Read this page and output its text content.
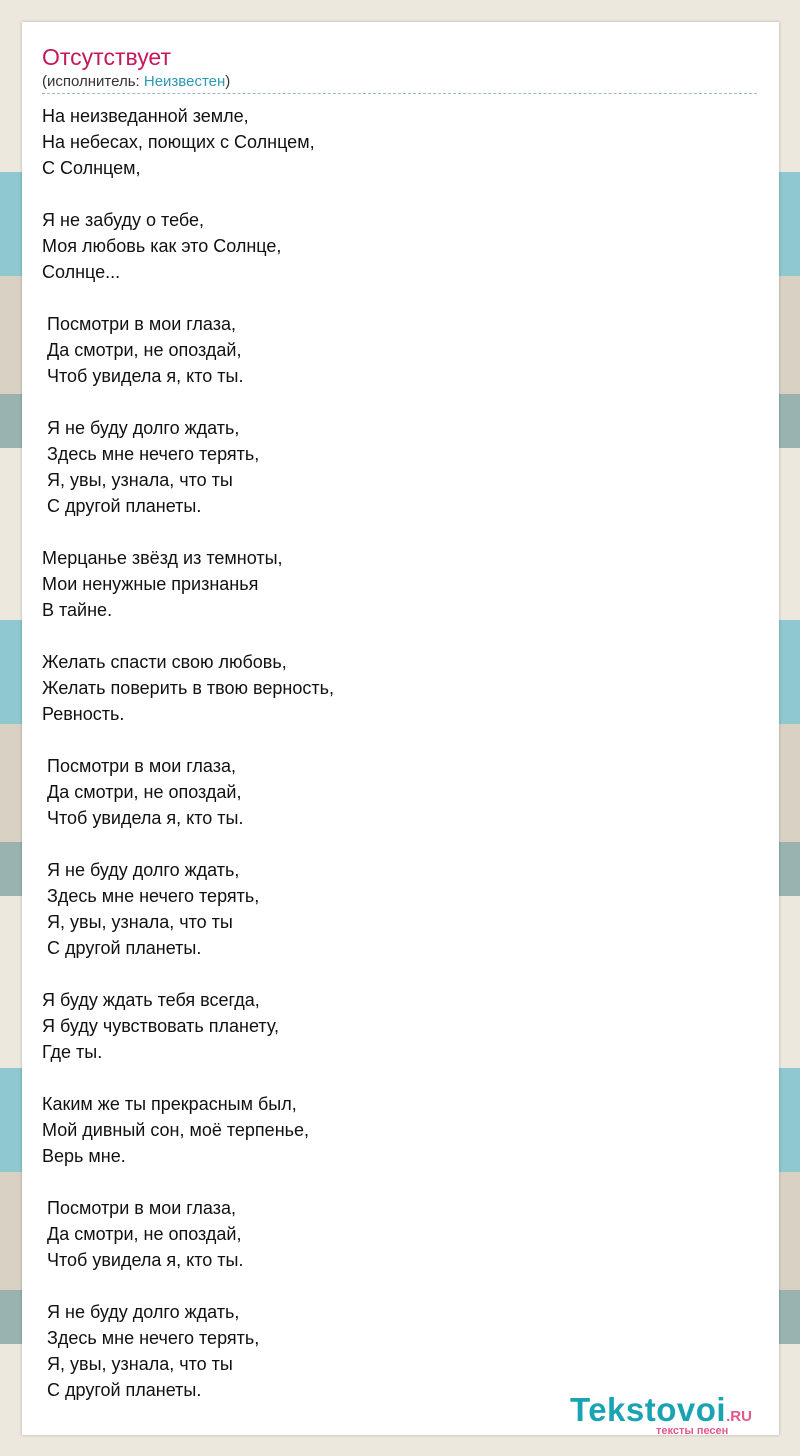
Отсутствует
(исполнитель: Неизвестен)
На неизведанной земле,
На небесах, поющих с Солнцем,
С Солнцем,

Я не забуду о тебе,
Моя любовь как это Солнце,
Солнце...

Посмотри в мои глаза,
Да смотри, не опоздай,
Чтоб увидела я, кто ты.

Я не буду долго ждать,
Здесь мне нечего терять,
Я, увы, узнала, что ты
С другой планеты.

Мерцанье звёзд из темноты,
Мои ненужные признанья
В тайне.

Желать спасти свою любовь,
Желать поверить в твою верность,
Ревность.

Посмотри в мои глаза,
Да смотри, не опоздай,
Чтоб увидела я, кто ты.

Я не буду долго ждать,
Здесь мне нечего терять,
Я, увы, узнала, что ты
С другой планеты.

Я буду ждать тебя всегда,
Я буду чувствовать планету,
Где ты.

Каким же ты прекрасным был,
Мой дивный сон, моё терпенье,
Верь мне.

Посмотри в мои глаза,
Да смотри, не опоздай,
Чтоб увидела я, кто ты.

Я не буду долго ждать,
Здесь мне нечего терять,
Я, увы, узнала, что ты
С другой планеты.
Tekstovoi.RU
тексты песен
